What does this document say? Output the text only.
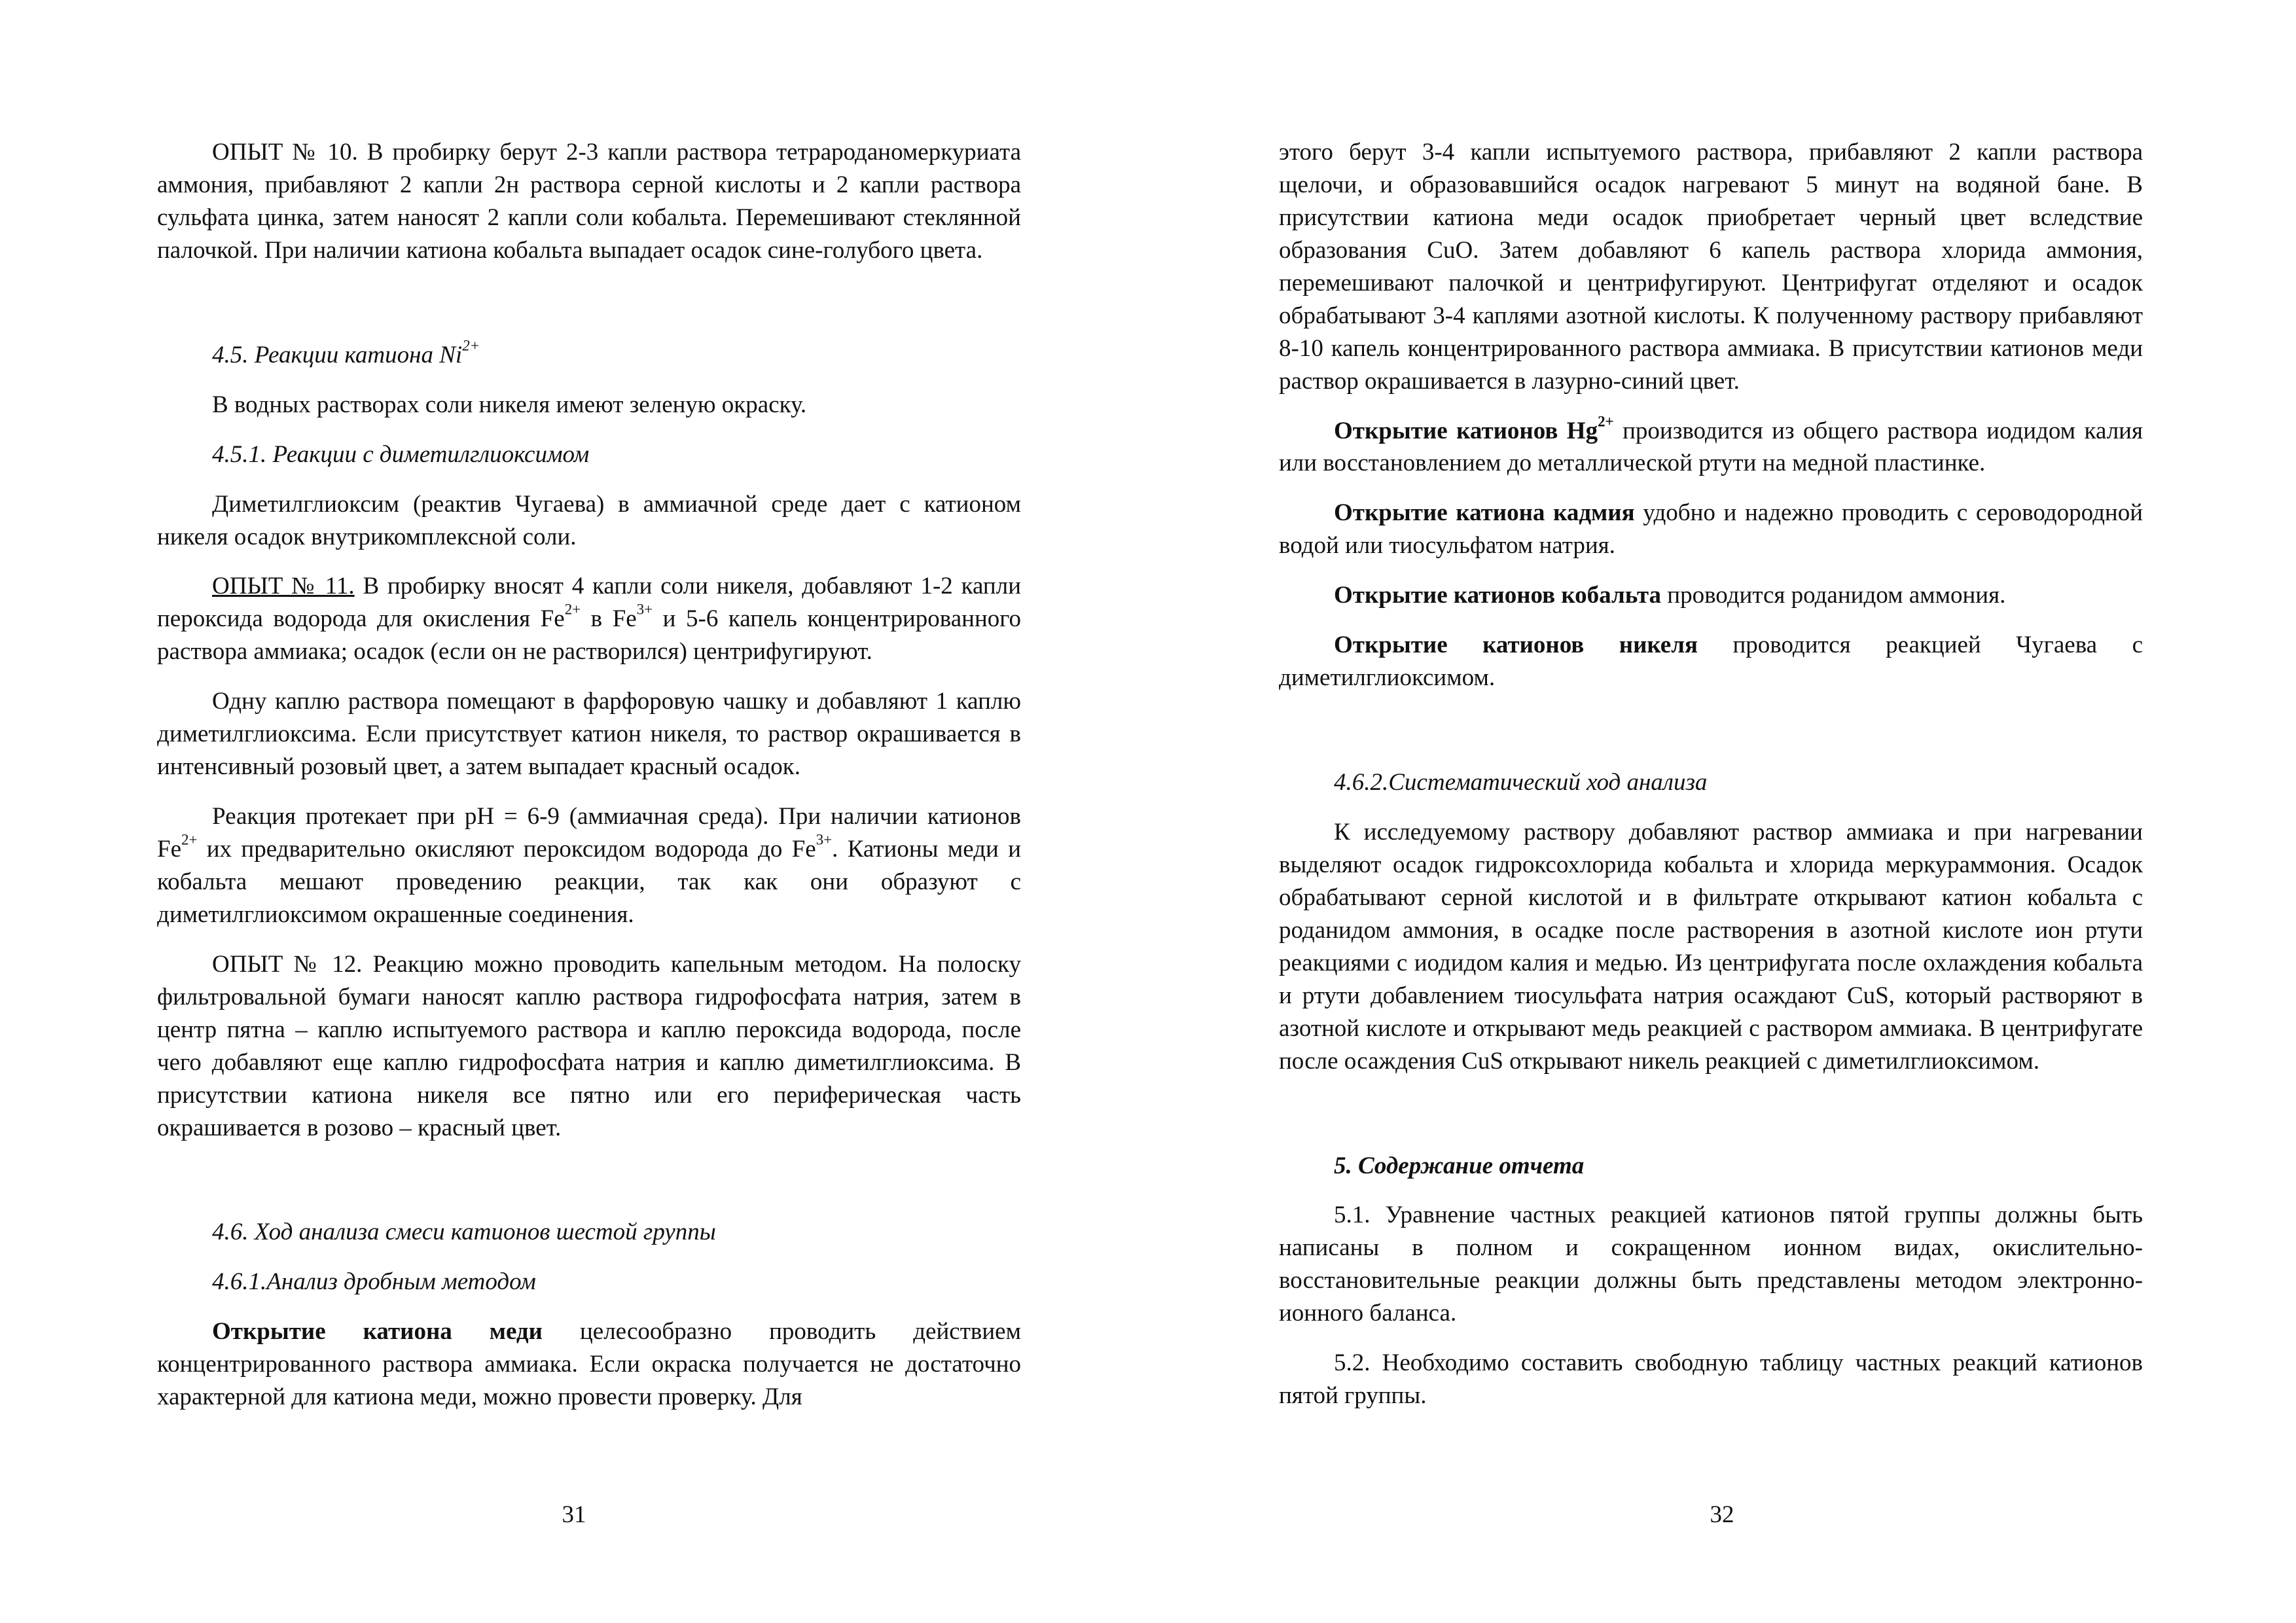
ОПЫТ № 10. В пробирку берут 2-3 капли раствора тетрароданомеркуриата аммония, прибавляют 2 капли 2н раствора серной кислоты и 2 капли раствора сульфата цинка, затем наносят 2 капли соли кобальта. Перемешивают стеклянной палочкой. При наличии катиона кобальта выпадает осадок сине-голубого цвета.

4.5. Реакции катиона $Ni^{2+}$

В водных растворах соли никеля имеют зеленую окраску.

4.5.1. Реакции с диметилглиоксимом

Диметилглиоксим (реактив Чугаева) в аммиачной среде дает с катионом никеля осадок внутрикомплексной соли.

ОПЫТ № 11. В пробирку вносят 4 капли соли никеля, добавляют 1-2 капли пероксида водорода для окисления $Fe^{2+}$ в $Fe^{3+}$ и 5-6 капель концентрированного раствора аммиака; осадок (если он не растворился) центрифугируют.

Одну каплю раствора помещают в фарфоровую чашку и добавляют 1 каплю диметилглиоксима. Если присутствует катион никеля, то раствор окрашивается в интенсивный розовый цвет, а затем выпадает красный осадок.

Реакция протекает при pH = 6-9 (аммиачная среда). При наличии катионов $Fe^{2+}$ их предварительно окисляют пероксидом водорода до $Fe^{3+}$. Катионы меди и кобальта мешают проведению реакции, так как они образуют с диметилглиоксимом окрашенные соединения.

ОПЫТ № 12. Реакцию можно проводить капельным методом. На полоску фильтровальной бумаги наносят каплю раствора гидрофосфата натрия, затем в центр пятна – каплю испытуемого раствора и каплю пероксида водорода, после чего добавляют еще каплю гидрофосфата натрия и каплю диметилглиоксима. В присутствии катиона никеля все пятно или его периферическая часть окрашивается в розово – красный цвет.

4.6. Ход анализа смеси катионов шестой группы

4.6.1.Анализ дробным методом

Открытие катиона меди целесообразно проводить действием концентрированного раствора аммиака. Если окраска получается не достаточно характерной для катиона меди, можно провести проверку. Для

31

этого берут 3-4 капли испытуемого раствора, прибавляют 2 капли раствора щелочи, и образовавшийся осадок нагревают 5 минут на водяной бане. В присутствии катиона меди осадок приобретает черный цвет вследствие образования CuO. Затем добавляют 6 капель раствора хлорида аммония, перемешивают палочкой и центрифугируют. Центрифугат отделяют и осадок обрабатывают 3-4 каплями азотной кислоты. К полученному раствору прибавляют 8-10 капель концентрированного раствора аммиака. В присутствии катионов меди раствор окрашивается в лазурно-синий цвет.

Открытие катионов $Hg^{2+}$ производится из общего раствора иодидом калия или восстановлением до металлической ртути на медной пластинке.

Открытие катиона кадмия удобно и надежно проводить с сероводородной водой или тиосульфатом натрия.

Открытие катионов кобальта проводится роданидом аммония.

Открытие катионов никеля проводится реакцией Чугаева с диметилглиоксимом.

4.6.2.Систематический ход анализа

К исследуемому раствору добавляют раствор аммиака и при нагревании выделяют осадок гидроксохлорида кобальта и хлорида меркураммония. Осадок обрабатывают серной кислотой и в фильтрате открывают катион кобальта с роданидом аммония, в осадке после растворения в азотной кислоте ион ртути реакциями с иодидом калия и медью. Из центрифугата после охлаждения кобальта и ртути добавлением тиосульфата натрия осаждают CuS, который растворяют в азотной кислоте и открывают медь реакцией с раствором аммиака. В центрифугате после осаждения CuS открывают никель реакцией с диметилглиоксимом.

5. Содержание отчета

5.1. Уравнение частных реакцией катионов пятой группы должны быть написаны в полном и сокращенном ионном видах, окислительно-восстановительные реакции должны быть представлены методом электронно-ионного баланса.

5.2. Необходимо составить свободную таблицу частных реакций катионов пятой группы.

32
